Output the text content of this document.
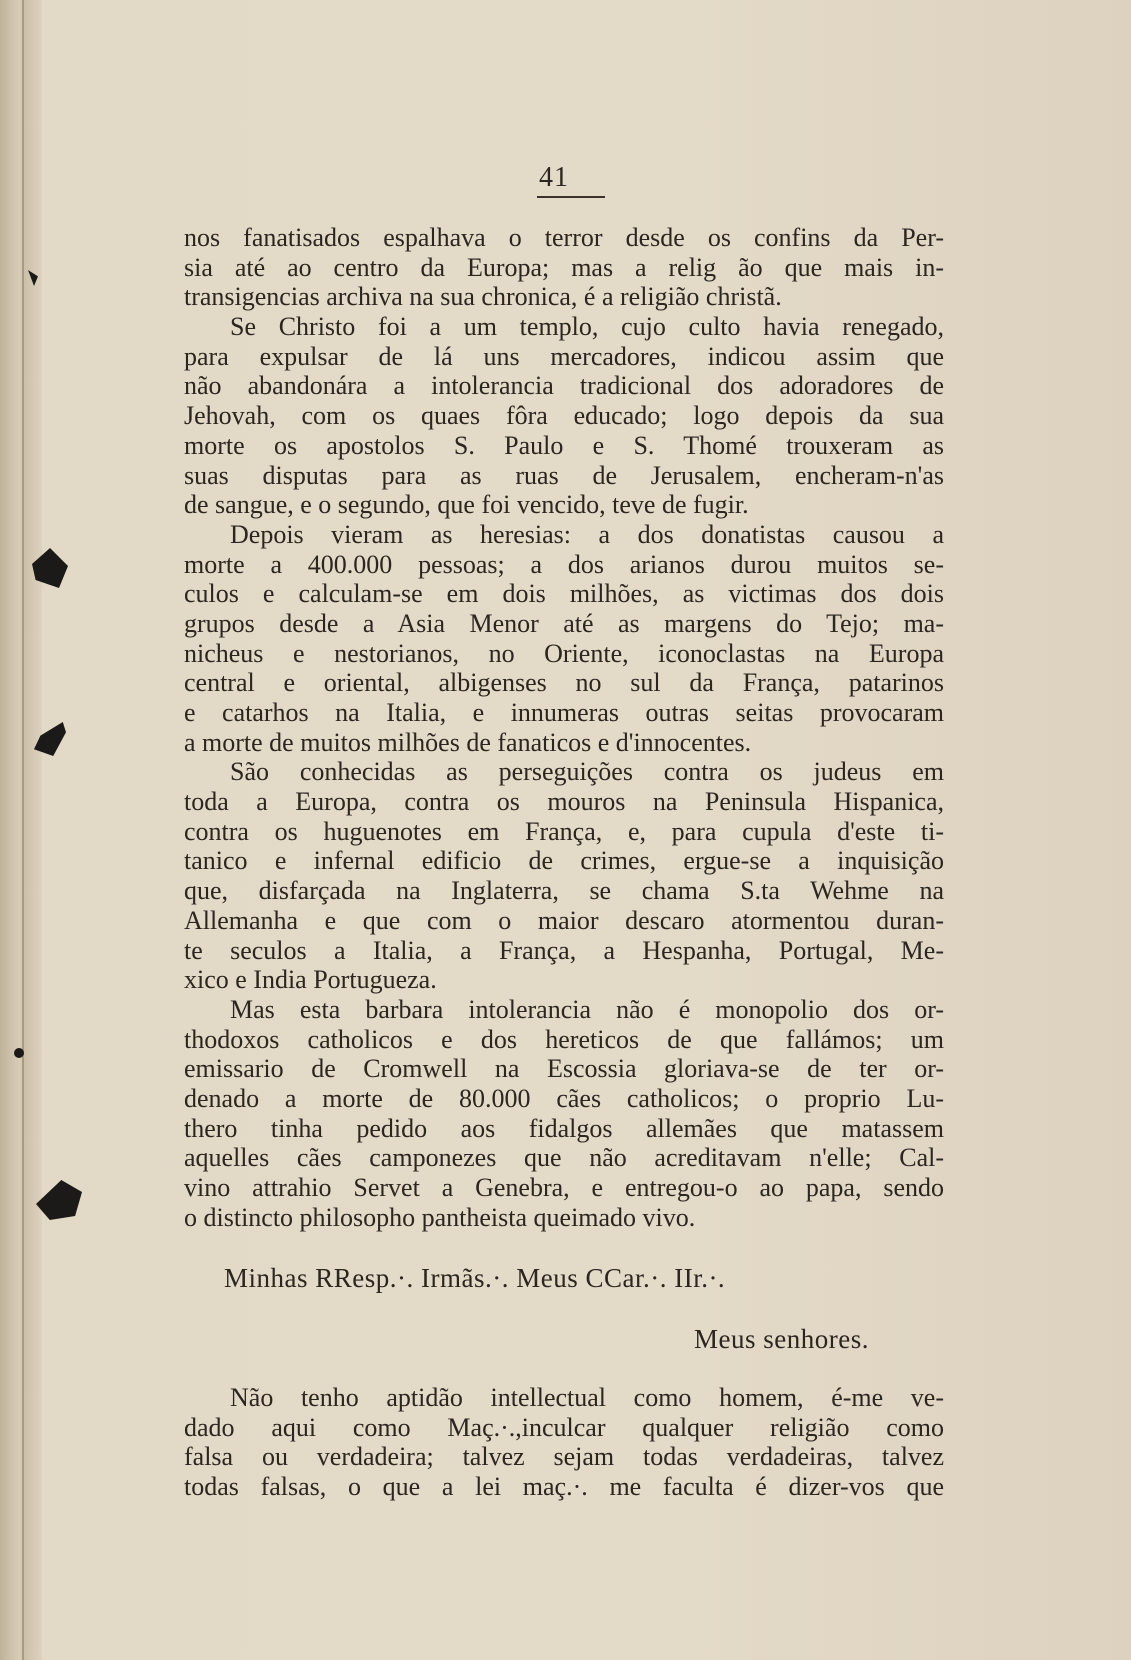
41
nos fanatisados espalhava o terror desde os confins da Per-
sia até ao centro da Europa; mas a relig ão que mais in-
transigencias archiva na sua chronica, é a religião christã.
Se Christo foi a um templo, cujo culto havia renegado,
para expulsar de lá uns mercadores, indicou assim que
não abandonára a intolerancia tradicional dos adoradores de
Jehovah, com os quaes fôra educado; logo depois da sua
morte os apostolos S. Paulo e S. Thomé trouxeram as
suas disputas para as ruas de Jerusalem, encheram-n'as
de sangue, e o segundo, que foi vencido, teve de fugir.
Depois vieram as heresias: a dos donatistas causou a
morte a 400.000 pessoas; a dos arianos durou muitos se-
culos e calculam-se em dois milhões, as victimas dos dois
grupos desde a Asia Menor até as margens do Tejo; ma-
nicheus e nestorianos, no Oriente, iconoclastas na Europa
central e oriental, albigenses no sul da França, patarinos
e catarhos na Italia, e innumeras outras seitas provocaram
a morte de muitos milhões de fanaticos e d'innocentes.
São conhecidas as perseguições contra os judeus em
toda a Europa, contra os mouros na Peninsula Hispanica,
contra os huguenotes em França, e, para cupula d'este ti-
tanico e infernal edificio de crimes, ergue-se a inquisição
que, disfarçada na Inglaterra, se chama S.ta Wehme na
Allemanha e que com o maior descaro atormentou duran-
te seculos a Italia, a França, a Hespanha, Portugal, Me-
xico e India Portugueza.
Mas esta barbara intolerancia não é monopolio dos or-
thodoxos catholicos e dos hereticos de que fallámos; um
emissario de Cromwell na Escossia gloriava-se de ter or-
denado a morte de 80.000 cães catholicos; o proprio Lu-
thero tinha pedido aos fidalgos allemães que matassem
aquelles cães camponezes que não acreditavam n'elle; Cal-
vino attrahio Servet a Genebra, e entregou-o ao papa, sendo
o distincto philosopho pantheista queimado vivo.
Minhas RResp.·. Irmãs.·. Meus CCar.·. IIr.·.
Meus senhores.
Não tenho aptidão intellectual como homem, é-me ve-
dado aqui como Maç.·.,inculcar qualquer religião como
falsa ou verdadeira; talvez sejam todas verdadeiras, talvez
todas falsas, o que a lei maç.·. me faculta é dizer-vos que
